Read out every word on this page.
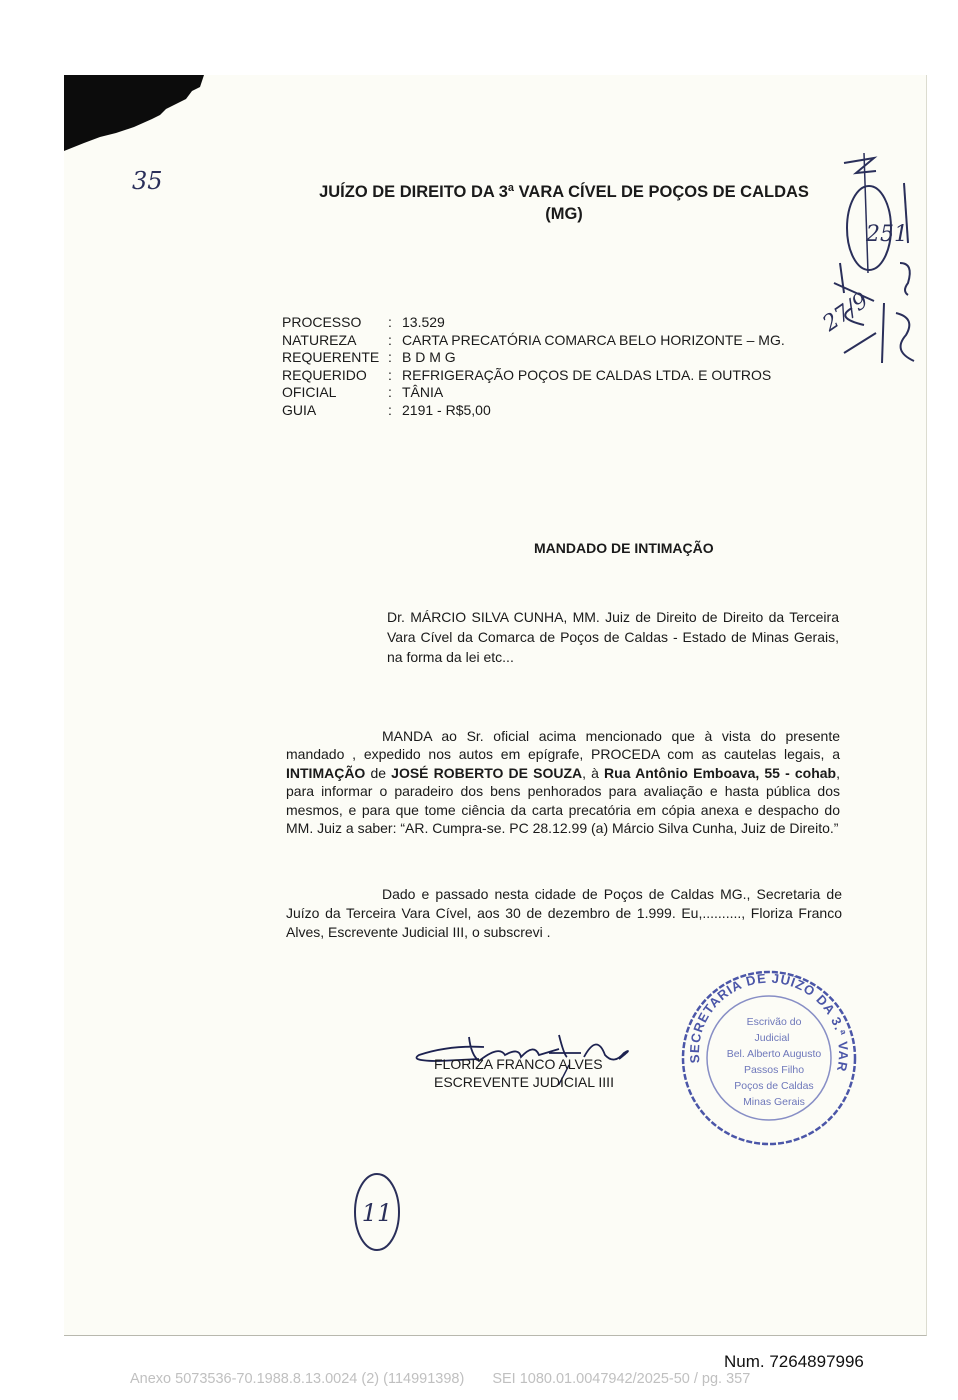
JUÍZO DE DIREITO DA 3ª VARA CÍVEL DE POÇOS DE CALDAS
(MG)
251
27/9
35
PROCESSO : 13.529
NATUREZA : CARTA PRECATÓRIA COMARCA BELO HORIZONTE – MG.
REQUERENTE : B D M G
REQUERIDO : REFRIGERAÇÃO POÇOS DE CALDAS LTDA. E OUTROS
OFICIAL	: TÂNIA
GUIA	: 2191 - R$5,00
MANDADO DE INTIMAÇÃO
Dr. MÁRCIO SILVA CUNHA, MM. Juiz de Direito de Direito da Terceira Vara Cível da Comarca de Poços de Caldas - Estado de Minas Gerais, na forma da lei etc...
MANDA ao Sr. oficial acima mencionado que à vista do presente mandado , expedido nos autos em epígrafe, PROCEDA com as cautelas legais, a INTIMAÇÃO de JOSÉ ROBERTO DE SOUZA, à Rua Antônio Emboava, 55 - cohab, para informar o paradeiro dos bens penhorados para avaliação e hasta pública dos mesmos, e para que tome ciência da carta precatória em cópia anexa e despacho do MM. Juiz a saber: “AR. Cumpra-se. PC 28.12.99 (a) Márcio Silva Cunha, Juiz de Direito.”
Dado e passado nesta cidade de Poços de Caldas MG., Secretaria de Juízo da Terceira Vara Cível, aos 30 de dezembro de 1.999. Eu,.........., Floriza Franco Alves, Escrevente Judicial III, o subscrevi .
FLORIZA FRANCO ALVES
ESCREVENTE JUDICIAL IIII
SECRETARIA DE JUÍZO DA 3.ª VAR
Escrivão do
Judicial
Bel. Alberto Augusto
Passos Filho
Poços de Caldas
Minas Gerais
11
Num. 7264897996
Anexo 5073536-70.1988.8.13.0024 (2) (114991398) SEI 1080.01.0047942/2025-50 / pg. 357
